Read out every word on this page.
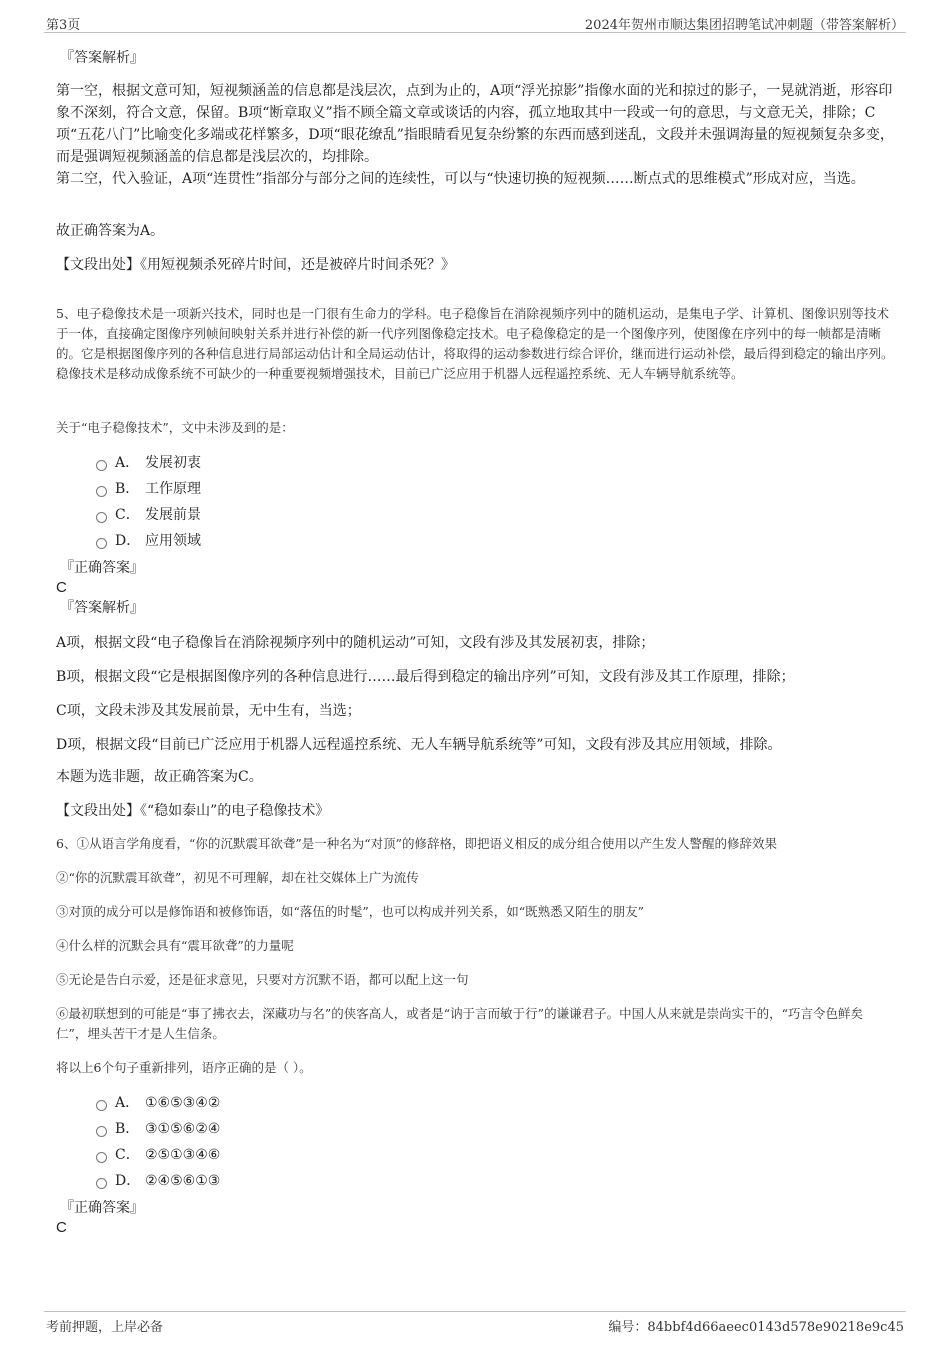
第3页	2024年贺州市顺达集团招聘笔试冲刺题（带答案解析）
『答案解析』
第一空，根据文意可知，短视频涵盖的信息都是浅层次，点到为止的，A项“浮光掠影”指像水面的光和掠过的影子，一晃就消逝，形容印象不深刻，符合文意，保留。B项“断章取义”指不顾全篇文章或谈话的内容，孤立地取其中一段或一句的意思，与文意无关，排除；C项“五花八门”比喻变化多端或花样繁多，D项“眼花缭乱”指眼睛看见复杂纷繁的东西而感到迷乱，文段并未强调海量的短视频复杂多变，而是强调短视频涵盖的信息都是浅层次的，均排除。
第二空，代入验证，A项“连贯性”指部分与部分之间的连续性，可以与“快速切换的短视频……断点式的思维模式”形成对应，当选。
故正确答案为A。
【文段出处】《用短视频杀死碎片时间，还是被碎片时间杀死？》
5、电子稳像技术是一项新兴技术，同时也是一门很有生命力的学科。电子稳像旨在消除视频序列中的随机运动，是集电子学、计算机、图像识别等技术于一体，直接确定图像序列帧间映射关系并进行补偿的新一代序列图像稳定技术。电子稳像稳定的是一个图像序列，使图像在序列中的每一帧都是清晰的。它是根据图像序列的各种信息进行局部运动估计和全局运动估计，将取得的运动参数进行综合评价，继而进行运动补偿，最后得到稳定的输出序列。稳像技术是移动成像系统不可缺少的一种重要视频增强技术，目前已广泛应用于机器人远程遥控系统、无人车辆导航系统等。
关于“电子稳像技术”，文中未涉及到的是：
A． 发展初衷
B． 工作原理
C． 发展前景
D． 应用领域
『正确答案』
C
『答案解析』
A项，根据文段“电子稳像旨在消除视频序列中的随机运动”可知，文段有涉及其发展初衷，排除；
B项，根据文段“它是根据图像序列的各种信息进行……最后得到稳定的输出序列”可知，文段有涉及其工作原理，排除；
C项，文段未涉及其发展前景，无中生有，当选；
D项，根据文段“目前已广泛应用于机器人远程遥控系统、无人车辆导航系统等”可知，文段有涉及其应用领域，排除。
本题为选非题，故正确答案为C。
【文段出处】《“稳如泰山”的电子稳像技术》
6、①从语言学角度看，“你的沉默震耳欲聋”是一种名为“对顶”的修辞格，即把语义相反的成分组合使用以产生发人警醒的修辞效果
②“你的沉默震耳欲聋”，初见不可理解，却在社交媒体上广为流传
③对顶的成分可以是修饰语和被修饰语，如“落伍的时髦”，也可以构成并列关系，如“既熟悉又陌生的朋友”
④什么样的沉默会具有“震耳欲聋”的力量呢
⑤无论是告白示爱，还是征求意见，只要对方沉默不语，都可以配上这一句
⑥最初联想到的可能是“事了拂衣去，深藏功与名”的侠客高人，或者是“讷于言而敏于行”的谦谦君子。中国人从来就是崇尚实干的，“巧言令色鲜矣仁”，埋头苦干才是人生信条。
将以上6个句子重新排列，语序正确的是（ ）。
A． ①⑥⑤③④②
B． ③①⑤⑥②④
C． ②⑤①③④⑥
D． ②④⑤⑥①③
『正确答案』
C
考前押题，上岸必备	编号：84bbf4d66aeec0143d578e90218e9c45
